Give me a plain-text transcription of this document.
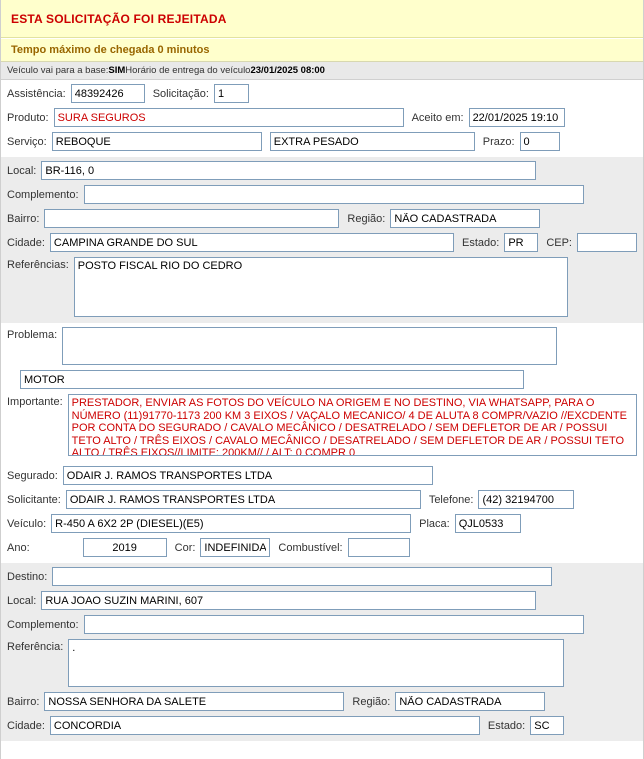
ESTA SOLICITAÇÃO FOI REJEITADA
Tempo máximo de chegada 0 minutos
Veículo vai para a base: SIM Horário de entrega do veículo 23/01/2025 08:00
Assistência:
48392426	Solicitação:
1
Produto:
SURA SEGUROS	Aceito em:
22/01/2025 19:10
Serviço:
REBOQUE
EXTRA PESADO	Prazo:
0
Local:
BR-116, 0
Complemento:
Bairro:	Região:
NÃO CADASTRADA
Cidade:
CAMPINA GRANDE DO SUL	Estado:
PR	CEP:
Referências:
POSTO FISCAL RIO DO CEDRO
Problema:
MOTOR
Importante:
PRESTADOR, ENVIAR AS FOTOS DO VEÍCULO NA ORIGEM E NO DESTINO, VIA WHATSAPP, PARA O NÚMERO (11)91770-1173 200 KM 3 EIXOS / VAÇALO MECANICO/ 4 DE ALUTA 8 COMPR/VAZIO //EXCDENTE POR CONTA DO SEGURADO / CAVALO MECÂNICO / DESATRELADO / SEM DEFLETOR DE AR / POSSUI TETO ALTO / TRÊS EIXOS / CAVALO MECÂNICO / DESATRELADO / SEM DEFLETOR DE AR / POSSUI TETO ALTO / TRÊS EIXOS//LIMITE: 200KM// / ALT: 0 COMPR 0
Segurado:
ODAIR J. RAMOS TRANSPORTES LTDA
Solicitante:
ODAIR J. RAMOS TRANSPORTES LTDA	Telefone:
(42) 32194700
Veículo:
R-450 A 6X2 2P (DIESEL)(E5)	Placa:
QJL0533
Ano:
2019	Cor:
INDEFINIDA	Combustível:
Destino:
Local:
RUA JOAO SUZIN MARINI, 607
Complemento:
Referência:
.
Bairro:
NOSSA SENHORA DA SALETE	Região:
NÃO CADASTRADA
Cidade:
CONCORDIA	Estado:
SC
